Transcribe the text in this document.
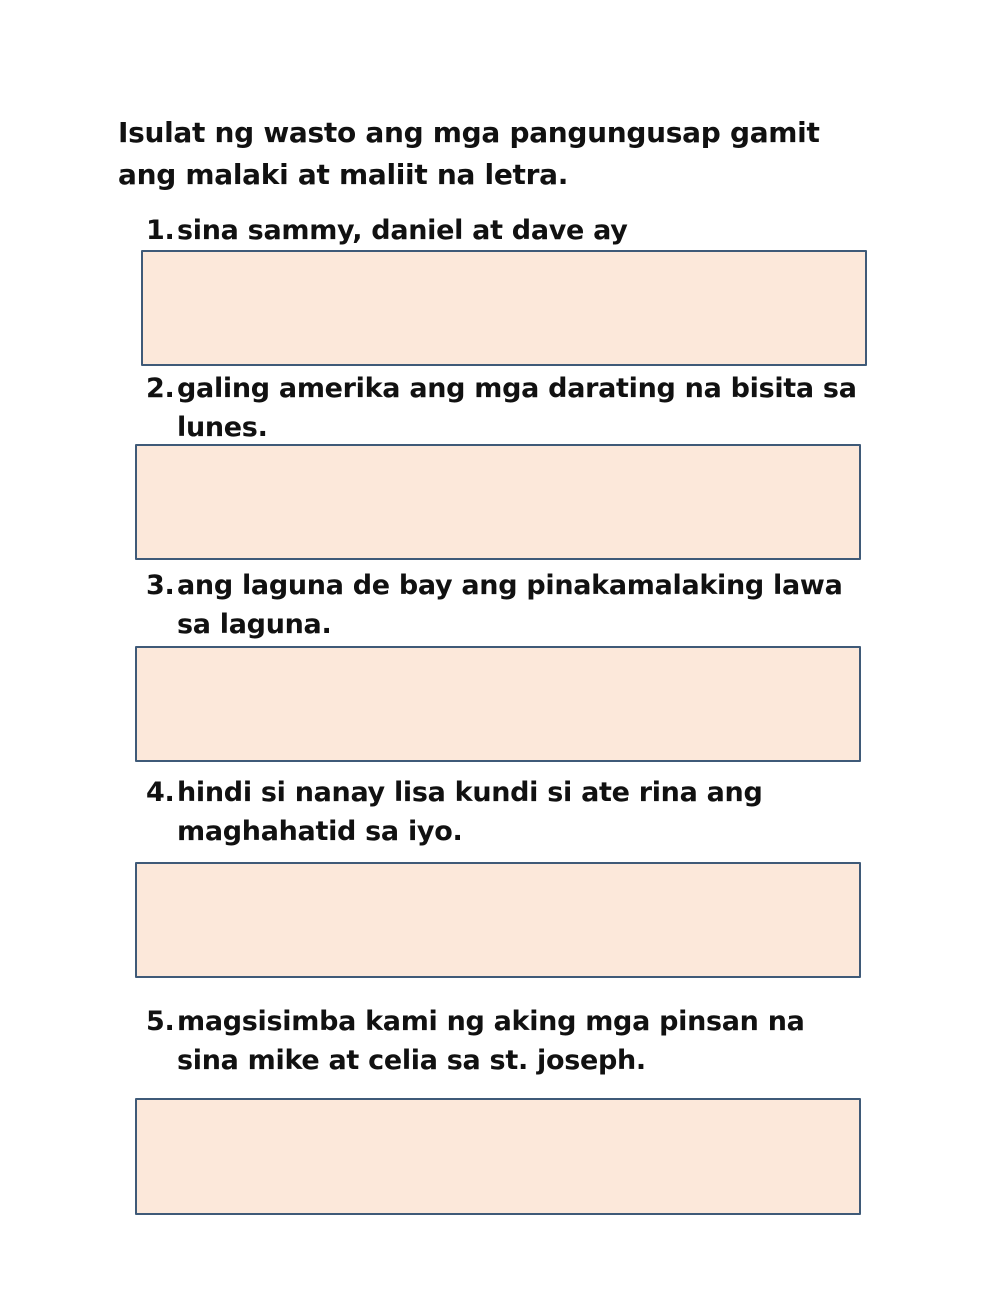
Isulat ng wasto ang mga pangungusap gamit ang malaki at maliit na letra.
1. sina sammy, daniel at dave ay
2. galing amerika ang mga darating na bisita sa lunes.
3. ang laguna de bay ang pinakamalaking lawa sa laguna.
4. hindi si nanay lisa kundi si ate rina ang maghahatid sa iyo.
5. magsisimba kami ng aking mga pinsan na sina mike at celia sa st. joseph.
